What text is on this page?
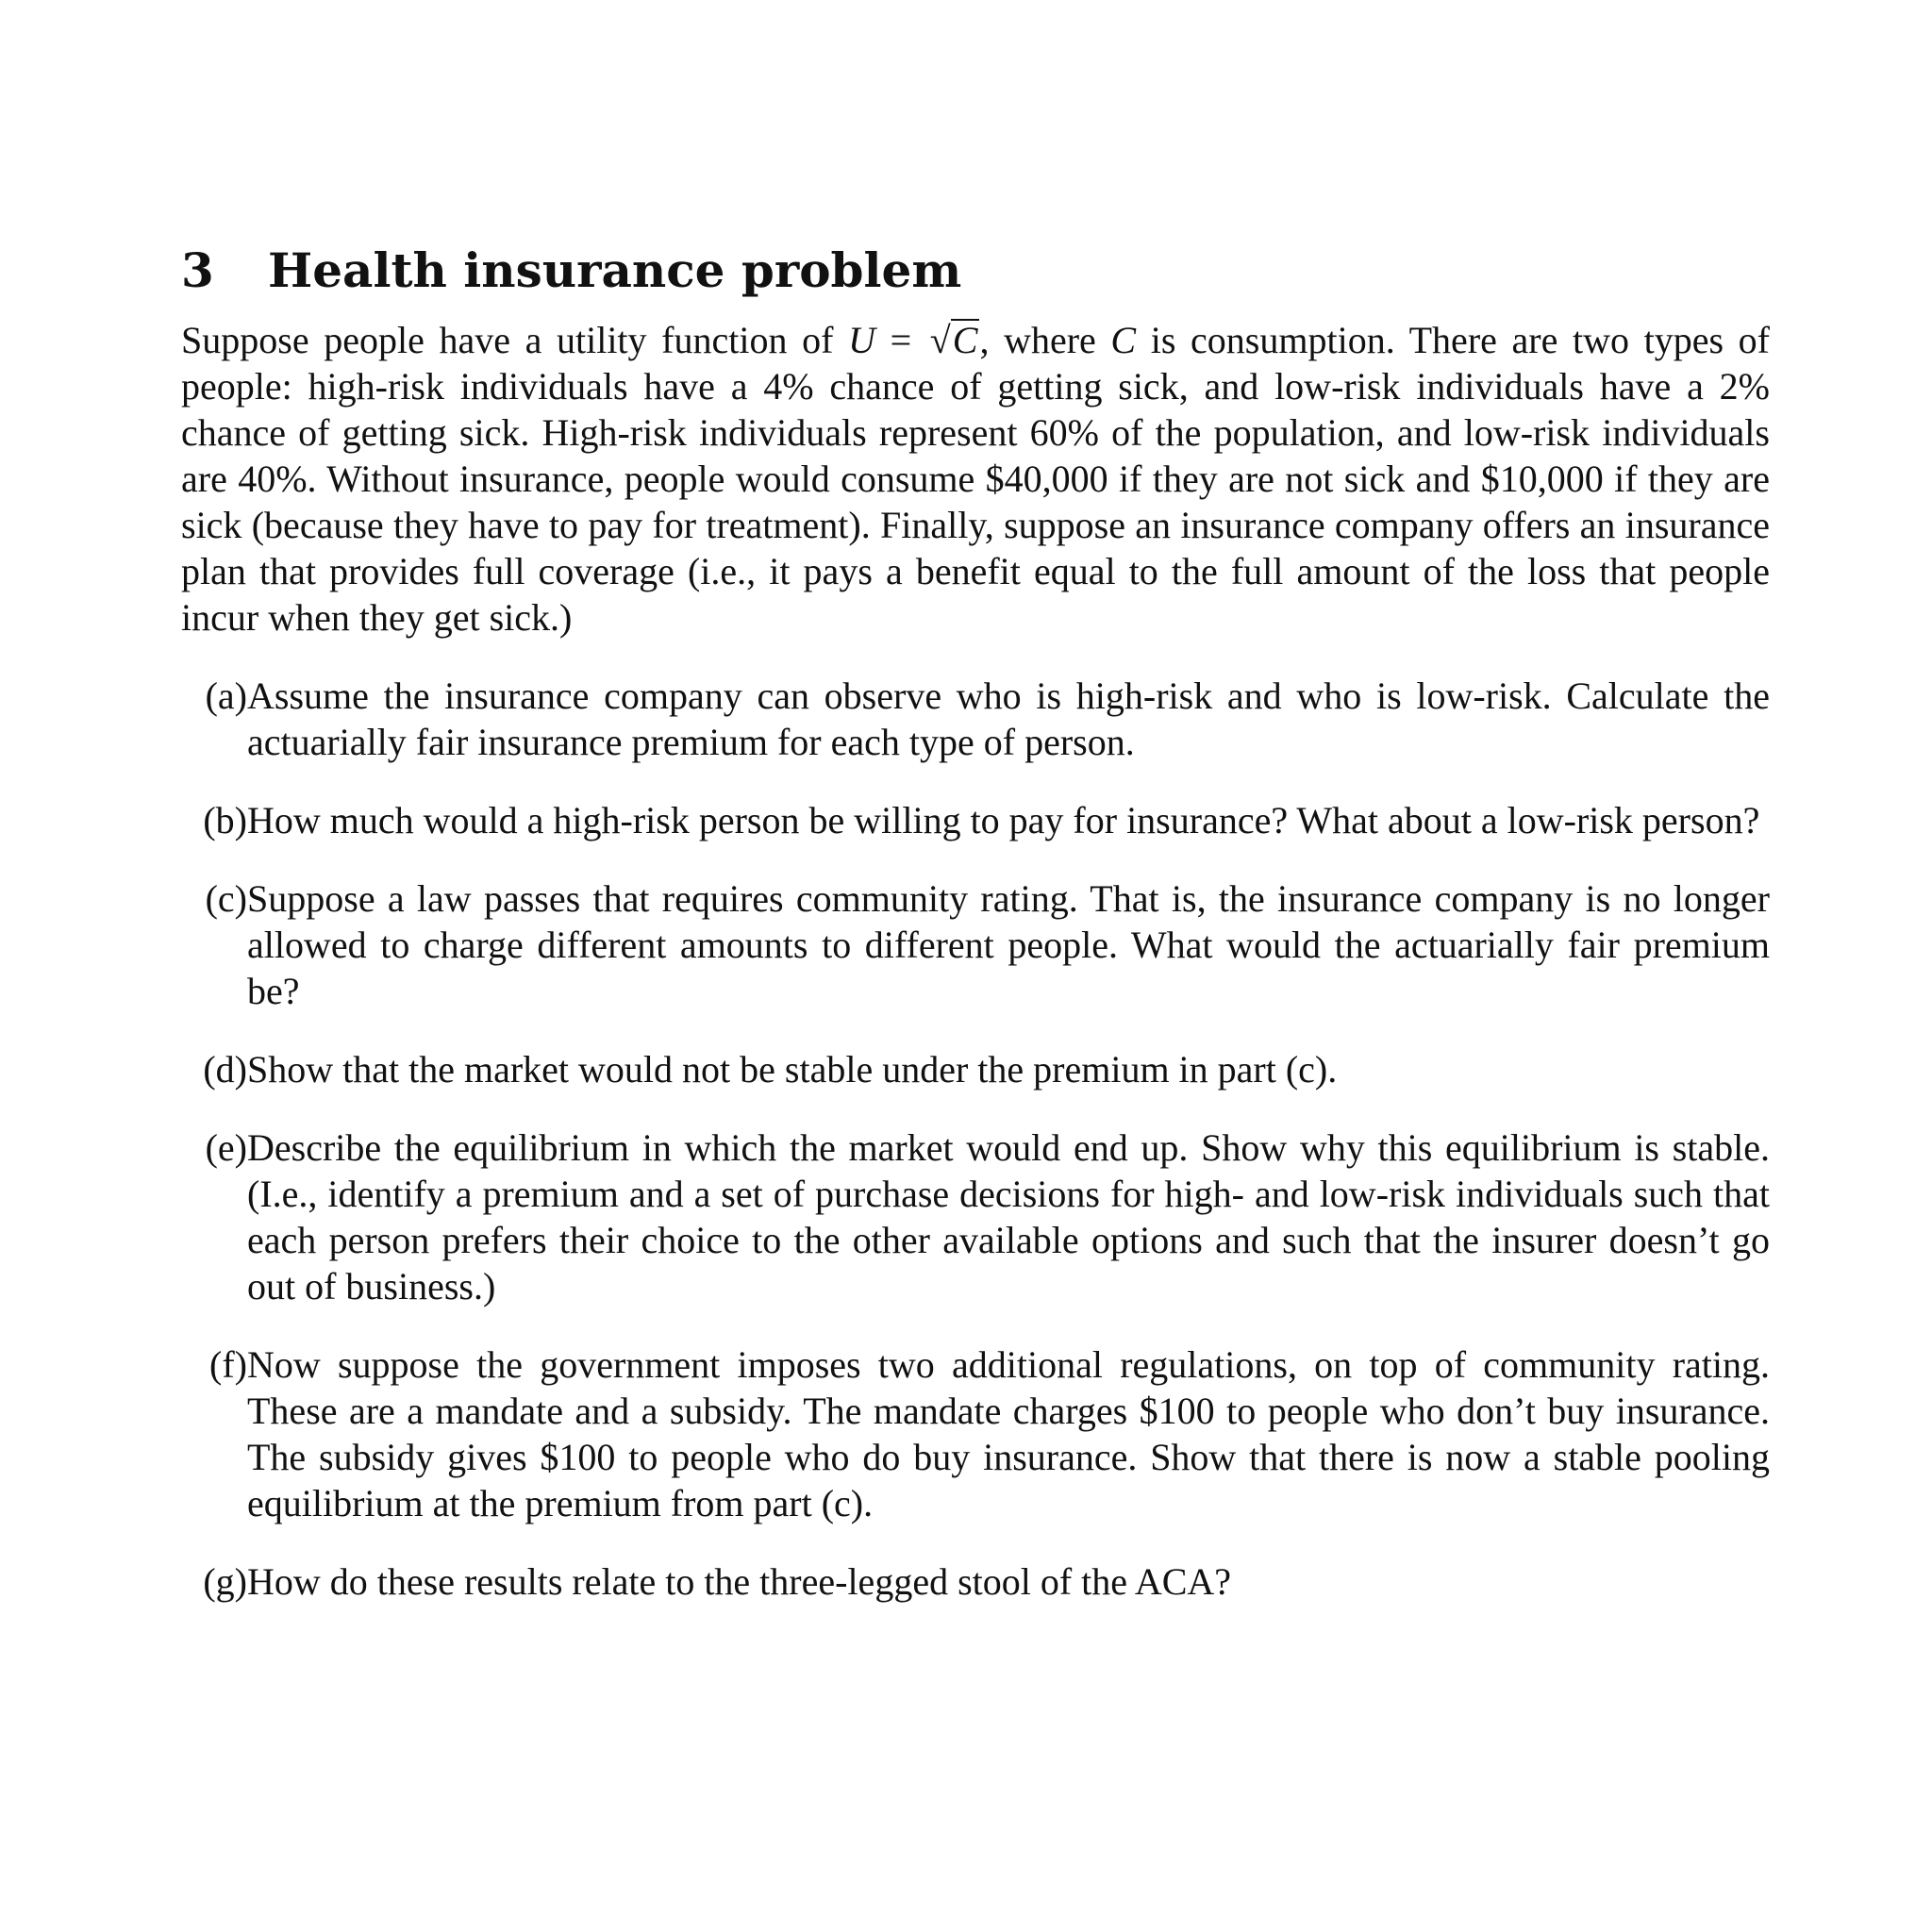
3	Health insurance problem

Suppose people have a utility function of U = √C, where C is consumption. There are two types of people: high-risk individuals have a 4% chance of getting sick, and low-risk individuals have a 2% chance of getting sick. High-risk individuals represent 60% of the population, and low-risk individuals are 40%. Without insurance, people would consume $40,000 if they are not sick and $10,000 if they are sick (because they have to pay for treatment). Finally, suppose an insurance company offers an insurance plan that provides full coverage (i.e., it pays a benefit equal to the full amount of the loss that people incur when they get sick.)

(a) Assume the insurance company can observe who is high-risk and who is low-risk. Calculate the actuarially fair insurance premium for each type of person.
(b) How much would a high-risk person be willing to pay for insurance? What about a low-risk person?
(c) Suppose a law passes that requires community rating. That is, the insurance company is no longer allowed to charge different amounts to different people. What would the actuarially fair premium be?
(d) Show that the market would not be stable under the premium in part (c).
(e) Describe the equilibrium in which the market would end up. Show why this equilibrium is stable. (I.e., identify a premium and a set of purchase decisions for high- and low-risk individuals such that each person prefers their choice to the other available options and such that the insurer doesn’t go out of business.)
(f) Now suppose the government imposes two additional regulations, on top of community rating. These are a mandate and a subsidy. The mandate charges $100 to people who don’t buy insurance. The subsidy gives $100 to people who do buy insurance. Show that there is now a stable pooling equilibrium at the premium from part (c).
(g) How do these results relate to the three-legged stool of the ACA?
